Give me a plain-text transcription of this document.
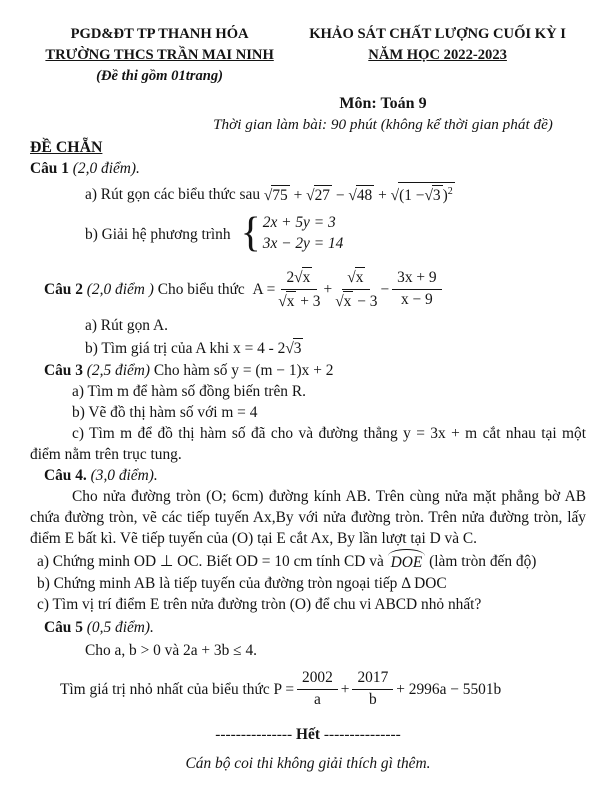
PGD&ĐT TP THANH HÓA
TRƯỜNG THCS TRẦN MAI NINH
(Đề thi gồm 01trang)
KHẢO SÁT CHẤT LƯỢNG CUỐI KỲ I
NĂM HỌC 2022-2023
Môn: Toán 9
Thời gian làm bài: 90 phút (không kể thời gian phát đề)
ĐỀ CHẴN
Câu 1 (2,0 điểm).
a) Rút gọn các biểu thức sau
√75 + √27 − √48 + √(1 −√3 )$^2$
b) Giải hệ phương trình { 2x + 5y = 3
3x − 2y = 14
Câu 2
(2,0 điểm )
Cho biểu thức
$A = \frac{2√x}{√x + 3} + \frac{√x}{√x - 3} - \frac{3x + 9}{x - 9}$
a) Rút gọn A.
b) Tìm giá trị của A khi x = 4 - 2 √3
Câu 3 (2,5 điểm) Cho hàm số y = (m − 1)x + 2
a) Tìm m để hàm số đồng biến trên R.
b) Vẽ đồ thị hàm số với m = 4
c) Tìm m để đồ thị hàm số đã cho và đường thẳng y = 3x + m cắt nhau tại một điểm nằm trên trục tung.
Câu 4. (3,0 điểm).
Cho nửa đường tròn (O; 6cm) đường kính AB. Trên cùng nửa mặt phẳng bờ AB chứa đường tròn, vẽ các tiếp tuyến Ax,By với nửa đường tròn. Trên nửa đường tròn, lấy điểm E bất kì. Vẽ tiếp tuyến của (O) tại E cắt Ax, By lần lượt tại D và C.
a) Chứng minh OD ⊥ OC. Biết OD = 10 cm tính CD và
DOE
(làm tròn đến độ)
b) Chứng minh AB là tiếp tuyến của đường tròn ngoại tiếp Δ DOC
c) Tìm vị trí điểm E trên nửa đường tròn (O) để chu vi ABCD nhỏ nhất?
Câu 5 (0,5 điểm).
Cho a, b > 0 và 2a + 3b ≤ 4.
Tìm giá trị nhỏ nhất của biểu thức $P = \frac{2002}{a} + \frac{2017}{b} + 2996a - 5501b$
--------------- Hết ---------------
Cán bộ coi thi không giải thích gì thêm.
